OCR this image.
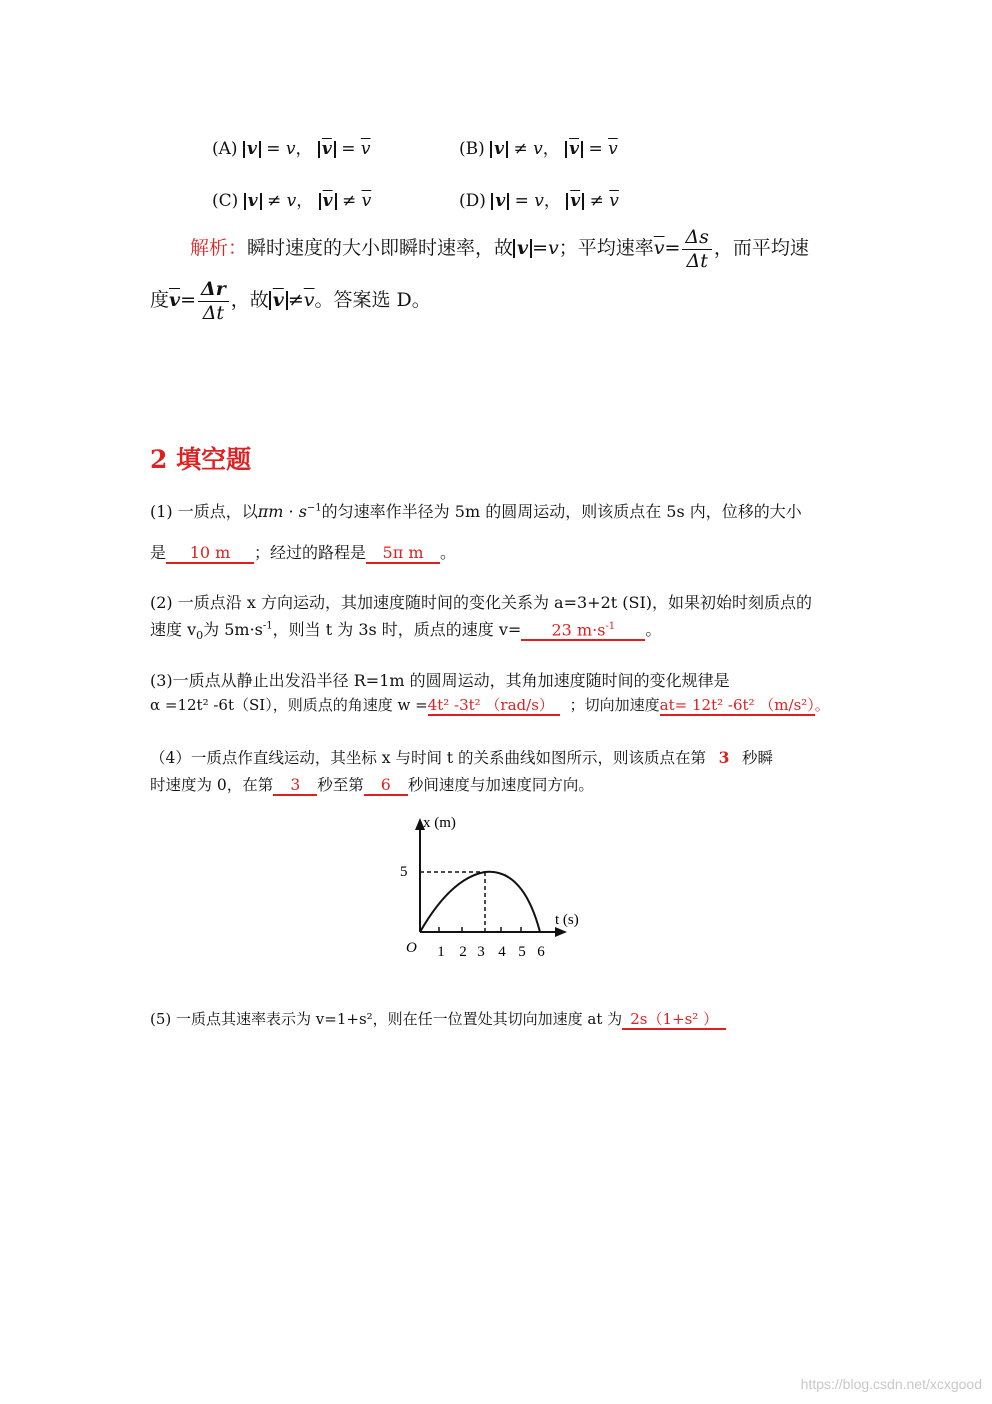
(A) v = v， $\overline{v} = \overline{v}$	(B) v ≠ v， $\overline{v} = \overline{v}$
(C) v ≠ v， $\overline{v} \ne \overline{v}$	(D) v = v， $\overline{v} \ne \overline{v}$
解析：瞬时速度的大小即瞬时速率，故 v =v；平均速率$\overline{v}= \frac{\Delta s}{\Delta t}$ ，而平均速
度$\overline{v}= \frac{\Delta r}{\Delta t}$ ，故 $\overline{v} \ne\overline{v}$。答案选 D。
2 填空题
(1) 一质点，以$\pi m \cdot s^{-1}$的匀速率作半径为 5m 的圆周运动，则该质点在 5s 内，位移的大小
是 10 m ；经过的路程是 5π m 。
(2) 一质点沿 x 方向运动，其加速度随时间的变化关系为 a=3+2t (SI)，如果初始时刻质点的
速度 $v_0$为 $5m\cdot s^{-1}$，则当 t 为 3s 时，质点的速度 v= 23 $m\cdot s^{-1}$ 。
(3)一质点从静止出发沿半径 R=1m 的圆周运动，其角加速度随时间的变化规律是
α =12t² -6t（SI），则质点的角速度 w =4t² -3t² （rad/s） ；切向加速度at= 12t² -6t² （m/s²）。
（4）一质点作直线运动，其坐标 x 与时间 t 的关系曲线如图所示，则该质点在第 3 秒瞬
时速度为 0，在第 3 秒至第 6 秒间速度与加速度同方向。
x (m)
t (s)
O
5
1 2 3 4 5 6
(5) 一质点其速率表示为 v=1+s²，则在任一位置处其切向加速度 at 为 2s（1+s² ）
https://blog.csdn.net/xcxgood
